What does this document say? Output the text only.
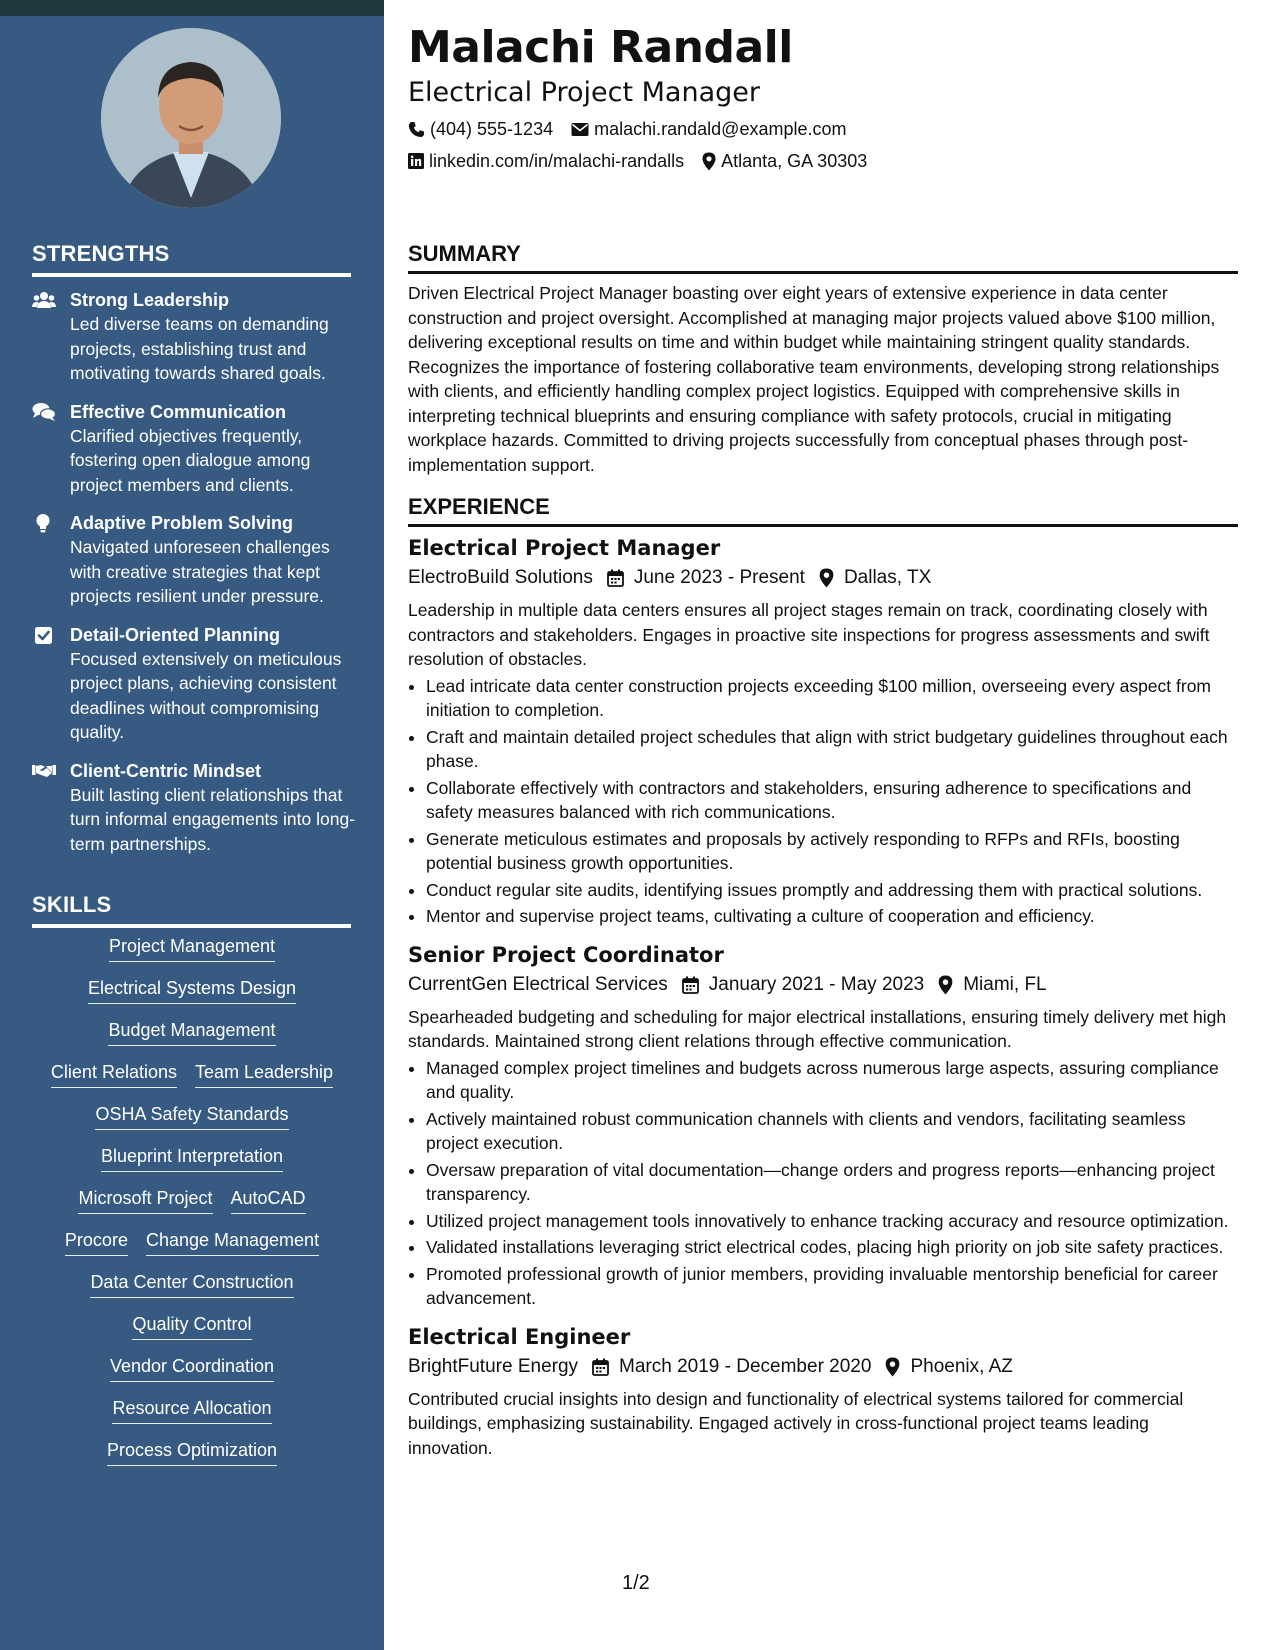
STRENGTHS
Strong Leadership
Led diverse teams on demanding projects, establishing trust and motivating towards shared goals.
Effective Communication
Clarified objectives frequently, fostering open dialogue among project members and clients.
Adaptive Problem Solving
Navigated unforeseen challenges with creative strategies that kept projects resilient under pressure.
Detail-Oriented Planning
Focused extensively on meticulous project plans, achieving consistent deadlines without compromising quality.
Client-Centric Mindset
Built lasting client relationships that turn informal engagements into long-term partnerships.
SKILLS
Project Management
Electrical Systems Design
Budget Management
Client Relations Team Leadership
OSHA Safety Standards
Blueprint Interpretation
Microsoft Project AutoCAD
Procore Change Management
Data Center Construction
Quality Control
Vendor Coordination
Resource Allocation
Process Optimization
Malachi Randall
Electrical Project Manager
(404) 555-1234 malachi.randald@example.com
linkedin.com/in/malachi-randalls Atlanta, GA 30303
SUMMARY
Driven Electrical Project Manager boasting over eight years of extensive experience in data center construction and project oversight. Accomplished at managing major projects valued above $100 million, delivering exceptional results on time and within budget while maintaining stringent quality standards. Recognizes the importance of fostering collaborative team environments, developing strong relationships with clients, and efficiently handling complex project logistics. Equipped with comprehensive skills in interpreting technical blueprints and ensuring compliance with safety protocols, crucial in mitigating workplace hazards. Committed to driving projects successfully from conceptual phases through post-implementation support.
EXPERIENCE
Electrical Project Manager
ElectroBuild Solutions June 2023 - Present Dallas, TX
Leadership in multiple data centers ensures all project stages remain on track, coordinating closely with contractors and stakeholders. Engages in proactive site inspections for progress assessments and swift resolution of obstacles.
• Lead intricate data center construction projects exceeding $100 million, overseeing every aspect from initiation to completion.
• Craft and maintain detailed project schedules that align with strict budgetary guidelines throughout each phase.
• Collaborate effectively with contractors and stakeholders, ensuring adherence to specifications and safety measures balanced with rich communications.
• Generate meticulous estimates and proposals by actively responding to RFPs and RFIs, boosting potential business growth opportunities.
• Conduct regular site audits, identifying issues promptly and addressing them with practical solutions.
• Mentor and supervise project teams, cultivating a culture of cooperation and efficiency.
Senior Project Coordinator
CurrentGen Electrical Services January 2021 - May 2023 Miami, FL
Spearheaded budgeting and scheduling for major electrical installations, ensuring timely delivery met high standards. Maintained strong client relations through effective communication.
• Managed complex project timelines and budgets across numerous large aspects, assuring compliance and quality.
• Actively maintained robust communication channels with clients and vendors, facilitating seamless project execution.
• Oversaw preparation of vital documentation—change orders and progress reports—enhancing project transparency.
• Utilized project management tools innovatively to enhance tracking accuracy and resource optimization.
• Validated installations leveraging strict electrical codes, placing high priority on job site safety practices.
• Promoted professional growth of junior members, providing invaluable mentorship beneficial for career advancement.
Electrical Engineer
BrightFuture Energy March 2019 - December 2020 Phoenix, AZ
Contributed crucial insights into design and functionality of electrical systems tailored for commercial buildings, emphasizing sustainability. Engaged actively in cross-functional project teams leading innovation.
1/2
